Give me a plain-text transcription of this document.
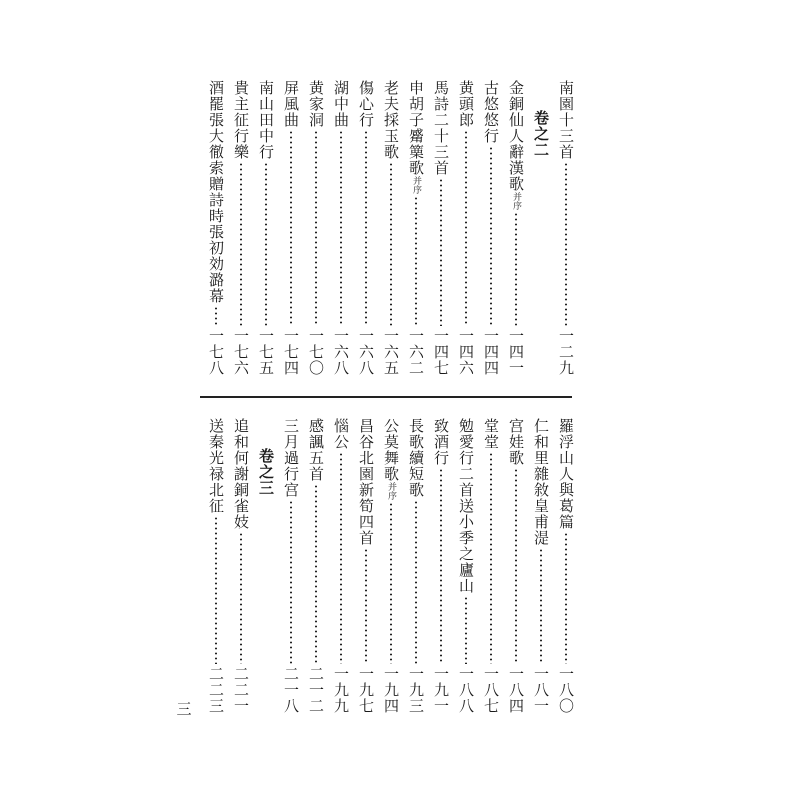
南園十三首
一二九
卷之二
金銅仙人辭漢歌
并序
一四一
古悠悠行
一四四
黄頭郎
一四六
馬詩二十三首
一四七
申胡子觱篥歌
并序
一六二
老夫採玉歌
一六五
傷心行
一六八
湖中曲
一六八
黄家洞
一七〇
屏風曲
一七四
南山田中行
一七五
貴主征行樂
一七六
酒罷張大徹索贈詩時張初効潞幕
一七八
羅浮山人與葛篇
一八〇
仁和里雜敘皇甫湜
一八一
宫娃歌
一八四
堂堂
一八七
勉愛行二首送小季之廬山
一八八
致酒行
一九一
長歌續短歌
一九三
公莫舞歌
并序
一九四
昌谷北園新筍四首
一九七
惱公
一九九
感諷五首
二一二
三月過行宫
二一八
卷之三
追和何謝銅雀妓
二二一
送秦光禄北征
二二三
三
